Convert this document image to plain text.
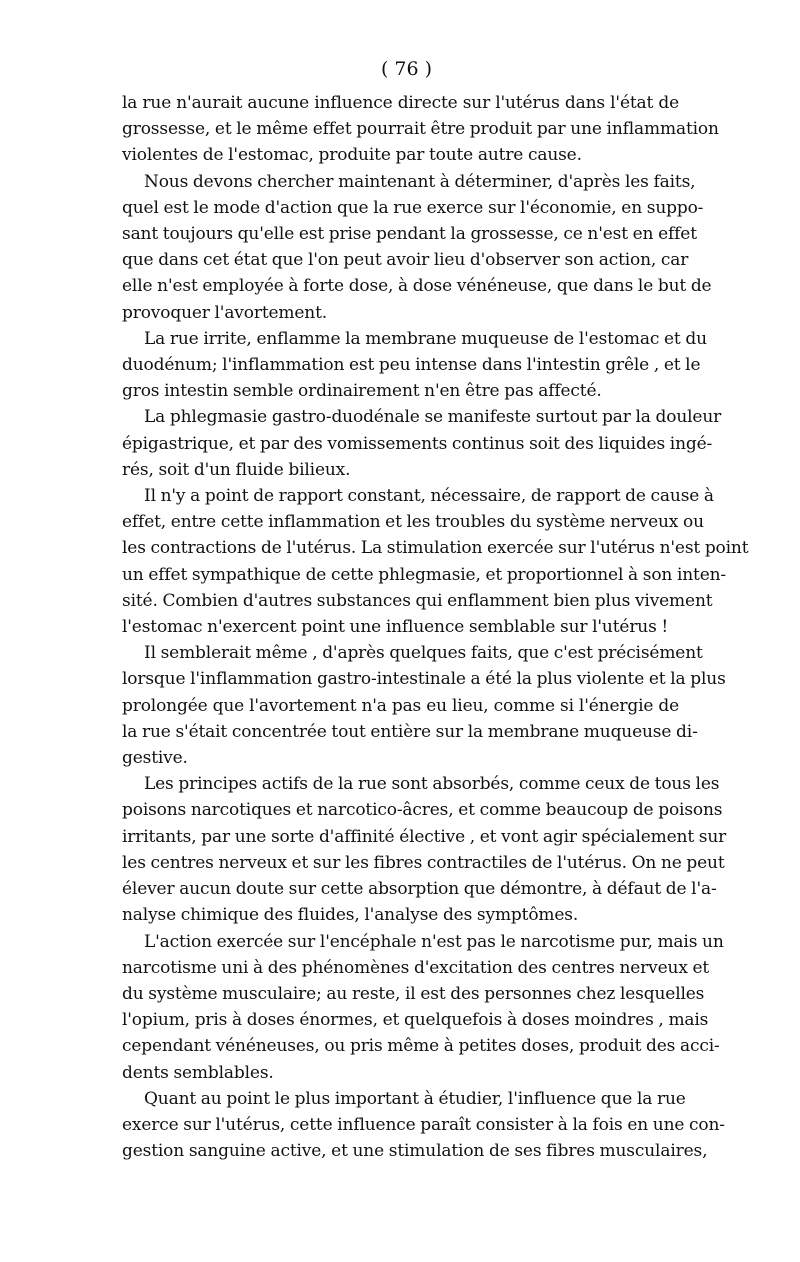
( 76 )

la rue n'aurait aucune influence directe sur l'utérus dans l'état de
grossesse, et le même effet pourrait être produit par une inflammation
violentes de l'estomac, produite par toute autre cause.

Nous devons chercher maintenant à déterminer, d'après les faits,
quel est le mode d'action que la rue exerce sur l'économie, en suppo-
sant toujours qu'elle est prise pendant la grossesse, ce n'est en effet
que dans cet état que l'on peut avoir lieu d'observer son action, car
elle n'est employée à forte dose, à dose vénéneuse, que dans le but de
provoquer l'avortement.

La rue irrite, enflamme la membrane muqueuse de l'estomac et du
duodénum; l'inflammation est peu intense dans l'intestin grêle , et le
gros intestin semble ordinairement n'en être pas affecté.

La phlegmasie gastro-duodénale se manifeste surtout par la douleur
épigastrique, et par des vomissements continus soit des liquides ingé-
rés, soit d'un fluide bilieux.

Il n'y a point de rapport constant, nécessaire, de rapport de cause à
effet, entre cette inflammation et les troubles du système nerveux ou
les contractions de l'utérus. La stimulation exercée sur l'utérus n'est point
un effet sympathique de cette phlegmasie, et proportionnel à son inten-
sité. Combien d'autres substances qui enflamment bien plus vivement
l'estomac n'exercent point une influence semblable sur l'utérus !

Il semblerait même , d'après quelques faits, que c'est précisément
lorsque l'inflammation gastro-intestinale a été la plus violente et la plus
prolongée que l'avortement n'a pas eu lieu, comme si l'énergie de
la rue s'était concentrée tout entière sur la membrane muqueuse di-
gestive.

Les principes actifs de la rue sont absorbés, comme ceux de tous les
poisons narcotiques et narcotico-âcres, et comme beaucoup de poisons
irritants, par une sorte d'affinité élective , et vont agir spécialement sur
les centres nerveux et sur les fibres contractiles de l'utérus. On ne peut
élever aucun doute sur cette absorption que démontre, à défaut de l'a-
nalyse chimique des fluides, l'analyse des symptômes.

L'action exercée sur l'encéphale n'est pas le narcotisme pur, mais un
narcotisme uni à des phénomènes d'excitation des centres nerveux et
du système musculaire; au reste, il est des personnes chez lesquelles
l'opium, pris à doses énormes, et quelquefois à doses moindres , mais
cependant vénéneuses, ou pris même à petites doses, produit des acci-
dents semblables.

Quant au point le plus important à étudier, l'influence que la rue
exerce sur l'utérus, cette influence paraît consister à la fois en une con-
gestion sanguine active, et une stimulation de ses fibres musculaires,
